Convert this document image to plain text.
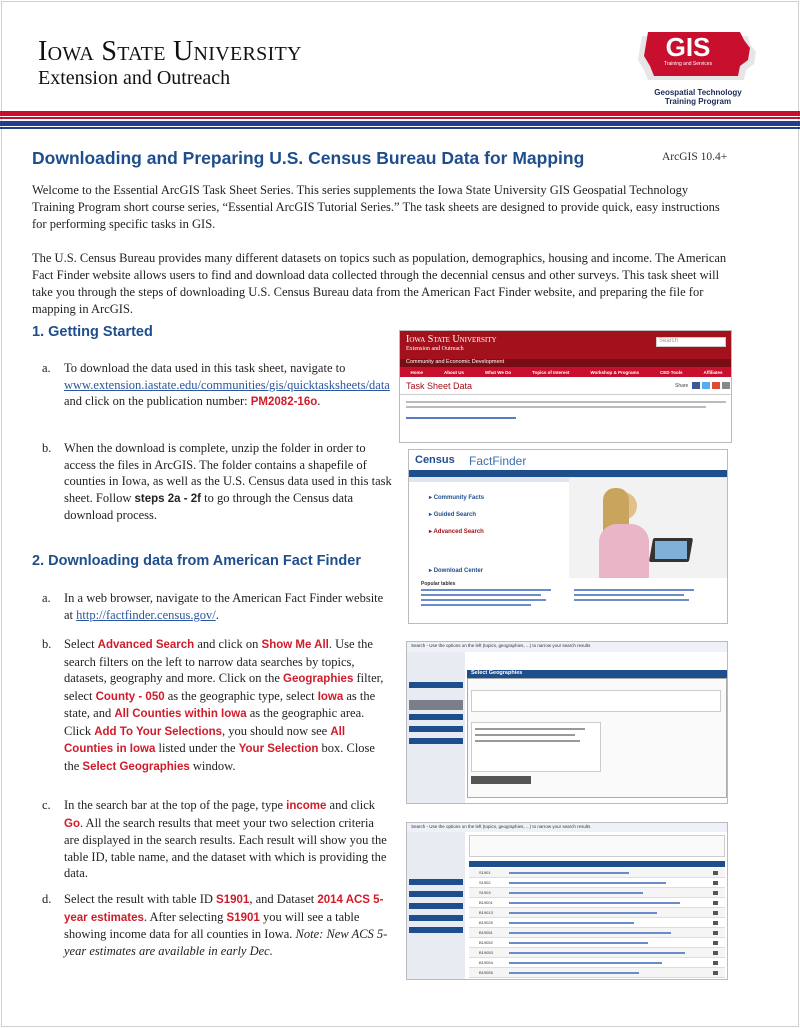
Iowa State University
Extension and Outreach
GIS
Training and Services
Geospatial Technology
Training Program
Downloading and Preparing U.S. Census Bureau Data for Mapping	ArcGIS 10.4+
Welcome to the Essential ArcGIS Task Sheet Series. This series supplements the Iowa State University GIS Geospatial Technology Training Program short course series, “Essential ArcGIS Tutorial Series.” The task sheets are designed to provide quick, easy instructions for performing specific tasks in GIS.
The U.S. Census Bureau provides many different datasets on topics such as population, demographics, housing and income. The American Fact Finder website allows users to find and download data collected through the decennial census and other surveys. This task sheet will take you through the steps of downloading U.S. Census Bureau data from the American Fact Finder website, and preparing the file for mapping in ArcGIS.
1. Getting Started
a. To download the data used in this task sheet, navigate to www.extension.iastate.edu/communities/gis/quicktasksheets/data and click on the publication number: PM2082-16o.
b. When the download is complete, unzip the folder in order to access the files in ArcGIS. The folder contains a shapefile of counties in Iowa, as well as the U.S. Census data used in this task sheet. Follow steps 2a - 2f to go through the Census data download process.
2. Downloading data from American Fact Finder
a. In a web browser, navigate to the American Fact Finder website at http://factfinder.census.gov/.
b. Select Advanced Search and click on Show Me All. Use the search filters on the left to narrow data searches by topics, datasets, geography and more. Click on the Geographies filter, select County - 050 as the geographic type, select Iowa as the state, and All Counties within Iowa as the geographic area. Click Add To Your Selections, you should now see All Counties in Iowa listed under the Your Selection box. Close the Select Geographies window.
c. In the search bar at the top of the page, type income and click Go. All the search results that meet your two selection criteria are displayed in the search results. Each result will show you the table ID, table name, and the dataset with which is providing the data.
d. Select the result with table ID S1901, and Dataset 2014 ACS 5-year estimates. After selecting S1901 you will see a table showing income data for all counties in Iowa. Note: New ACS 5-year estimates are available in early Dec.
Iowa State University
Extension and Outreach
Search
Community and Economic Development
Home	About Us	What We Do	Topics of Interest	Workshop & Programs	CED Tools	Affiliates
Task Sheet Data	Share
Census FactFinder
▸ Community Facts
▸ Guided Search
▸ Advanced Search
▸ Download Center
Popular tables
Search - Use the options on the left (topics, geographies, ...) to narrow your search results
Select Geographies
Search - Use the options on the left (topics, geographies, ...) to narrow your search results
S1901
S1902
S1903
B19001
B19013
B19025
B19051
B19052
B19053
B19054
B19055
